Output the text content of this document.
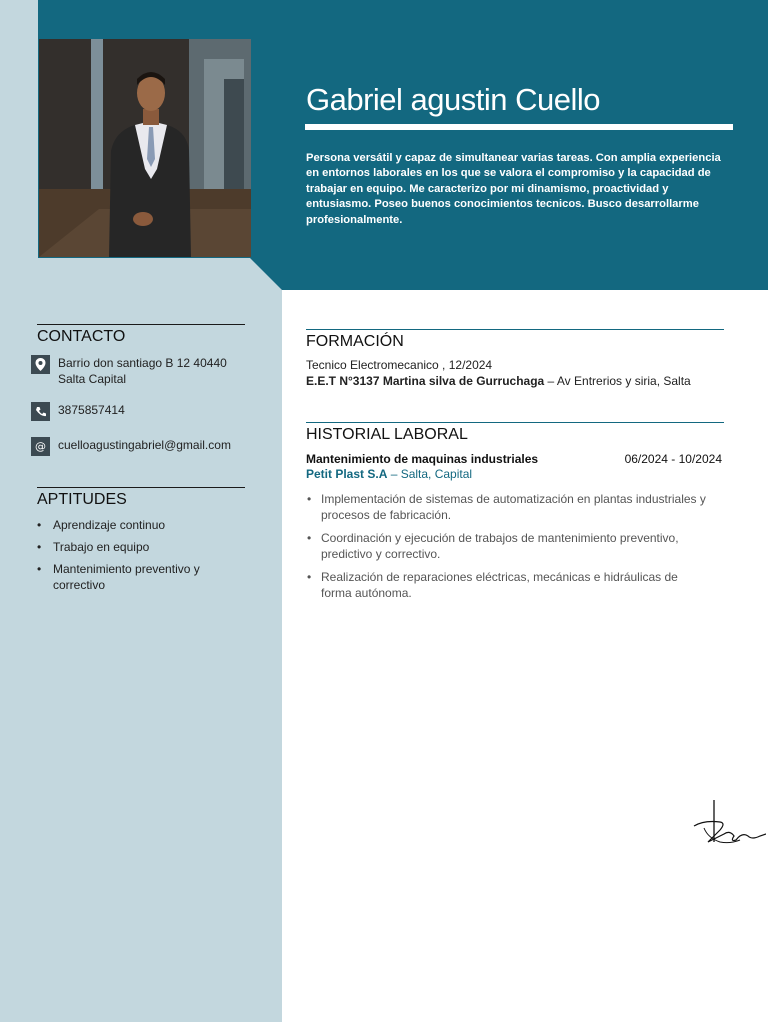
Gabriel agustin Cuello
Persona versátil y capaz de simultanear varias tareas. Con amplia experiencia en entornos laborales en los que se valora el compromiso y la capacidad de trabajar en equipo. Me caracterizo por mi dinamismo, proactividad y entusiasmo. Poseo buenos conocimientos tecnicos. Busco desarrollarme profesionalmente.
CONTACTO
Barrio don santiago B 12 40440 Salta Capital
3875857414
@	cuelloagustingabriel@gmail.com
APTITUDES
• Aprendizaje continuo
• Trabajo en equipo
• Mantenimiento preventivo y correctivo
FORMACIÓN
Tecnico Electromecanico , 12/2024
E.E.T N°3137 Martina silva de Gurruchaga – Av Entrerios y siria, Salta
HISTORIAL LABORAL
Mantenimiento de maquinas industriales	06/2024 - 10/2024
Petit Plast S.A – Salta, Capital
• Implementación de sistemas de automatización en plantas industriales y procesos de fabricación.
• Coordinación y ejecución de trabajos de mantenimiento preventivo, predictivo y correctivo.
• Realización de reparaciones eléctricas, mecánicas e hidráulicas de forma autónoma.
